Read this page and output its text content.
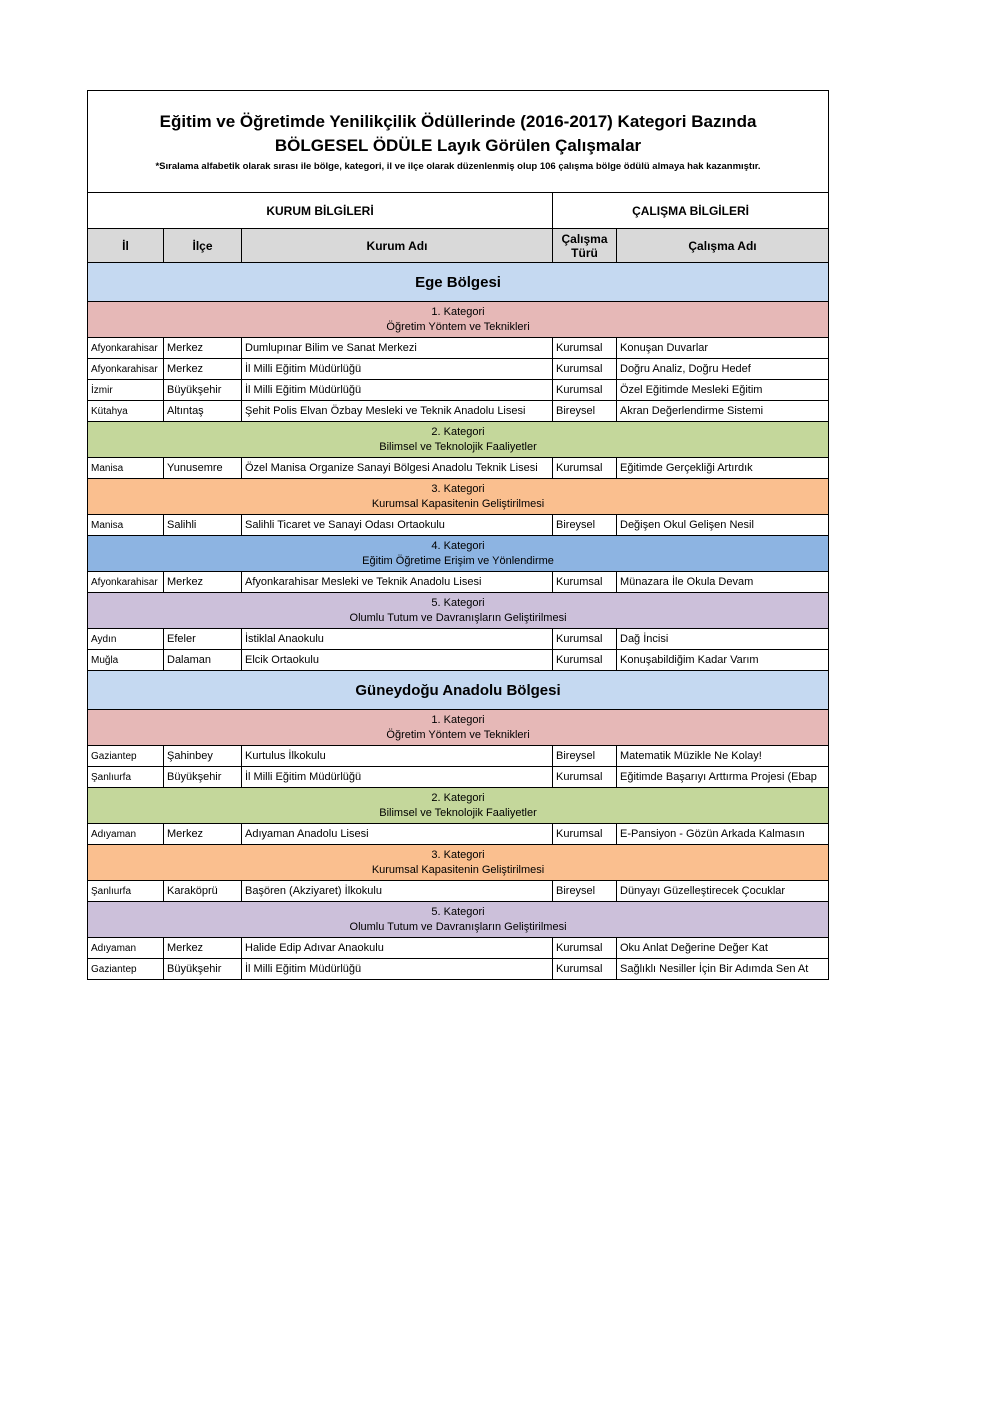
Eğitim ve Öğretimde Yenilikçilik Ödüllerinde (2016-2017) Kategori Bazında
BÖLGESEL ÖDÜLE Layık Görülen Çalışmalar
*Sıralama alfabetik olarak sırası ile bölge, kategori, il ve ilçe olarak düzenlenmiş olup 106 çalışma bölge ödülü almaya hak kazanmıştır.				

KURUM BİLGİLERİ			ÇALIŞMA BİLGİLERİ	
İl	İlçe	Kurum Adı	Çalışma Türü	Çalışma Adı
Ege Bölgesi				

1. Kategori
Öğretim Yöntem ve Teknikleri				

Afyonkarahisar	Merkez	Dumlupınar Bilim ve Sanat Merkezi	Kurumsal	Konuşan Duvarlar
Afyonkarahisar	Merkez	İl Milli Eğitim Müdürlüğü	Kurumsal	Doğru Analiz, Doğru Hedef
İzmir	Büyükşehir	İl Milli Eğitim Müdürlüğü	Kurumsal	Özel Eğitimde Mesleki Eğitim
Kütahya	Altıntaş	Şehit Polis Elvan Özbay Mesleki ve Teknik Anadolu Lisesi	Bireysel	Akran Değerlendirme Sistemi

2. Kategori
Bilimsel ve Teknolojik Faaliyetler				

Manisa	Yunusemre	Özel Manisa Organize Sanayi Bölgesi Anadolu Teknik Lisesi	Kurumsal	Eğitimde Gerçekliği Artırdık

3. Kategori
Kurumsal Kapasitenin Geliştirilmesi				

Manisa	Salihli	Salihli Ticaret ve Sanayi Odası Ortaokulu	Bireysel	Değişen Okul Gelişen Nesil

4. Kategori
Eğitim Öğretime Erişim ve Yönlendirme				

Afyonkarahisar	Merkez	Afyonkarahisar Mesleki ve Teknik Anadolu Lisesi	Kurumsal	Münazara İle Okula Devam

5. Kategori
Olumlu Tutum ve Davranışların Geliştirilmesi				

Aydın	Efeler	İstiklal Anaokulu	Kurumsal	Dağ İncisi
Muğla	Dalaman	Elcik Ortaokulu	Kurumsal	Konuşabildiğim Kadar Varım
Güneydoğu Anadolu Bölgesi				

1. Kategori
Öğretim Yöntem ve Teknikleri				

Gaziantep	Şahinbey	Kurtulus İlkokulu	Bireysel	Matematik Müzikle Ne Kolay!
Şanlıurfa	Büyükşehir	İl Milli Eğitim Müdürlüğü	Kurumsal	Eğitimde Başarıyı Arttırma Projesi (Ebap

2. Kategori
Bilimsel ve Teknolojik Faaliyetler				

Adıyaman	Merkez	Adıyaman Anadolu Lisesi	Kurumsal	E-Pansiyon - Gözün Arkada Kalmasın

3. Kategori
Kurumsal Kapasitenin Geliştirilmesi				

Şanlıurfa	Karaköprü	Başören (Akziyaret) İlkokulu	Bireysel	Dünyayı Güzelleştirecek Çocuklar

5. Kategori
Olumlu Tutum ve Davranışların Geliştirilmesi				

Adıyaman	Merkez	Halide Edip Adıvar Anaokulu	Kurumsal	Oku Anlat Değerine Değer Kat
Gaziantep	Büyükşehir	İl Milli Eğitim Müdürlüğü	Kurumsal	Sağlıklı Nesiller İçin Bir Adımda Sen At
